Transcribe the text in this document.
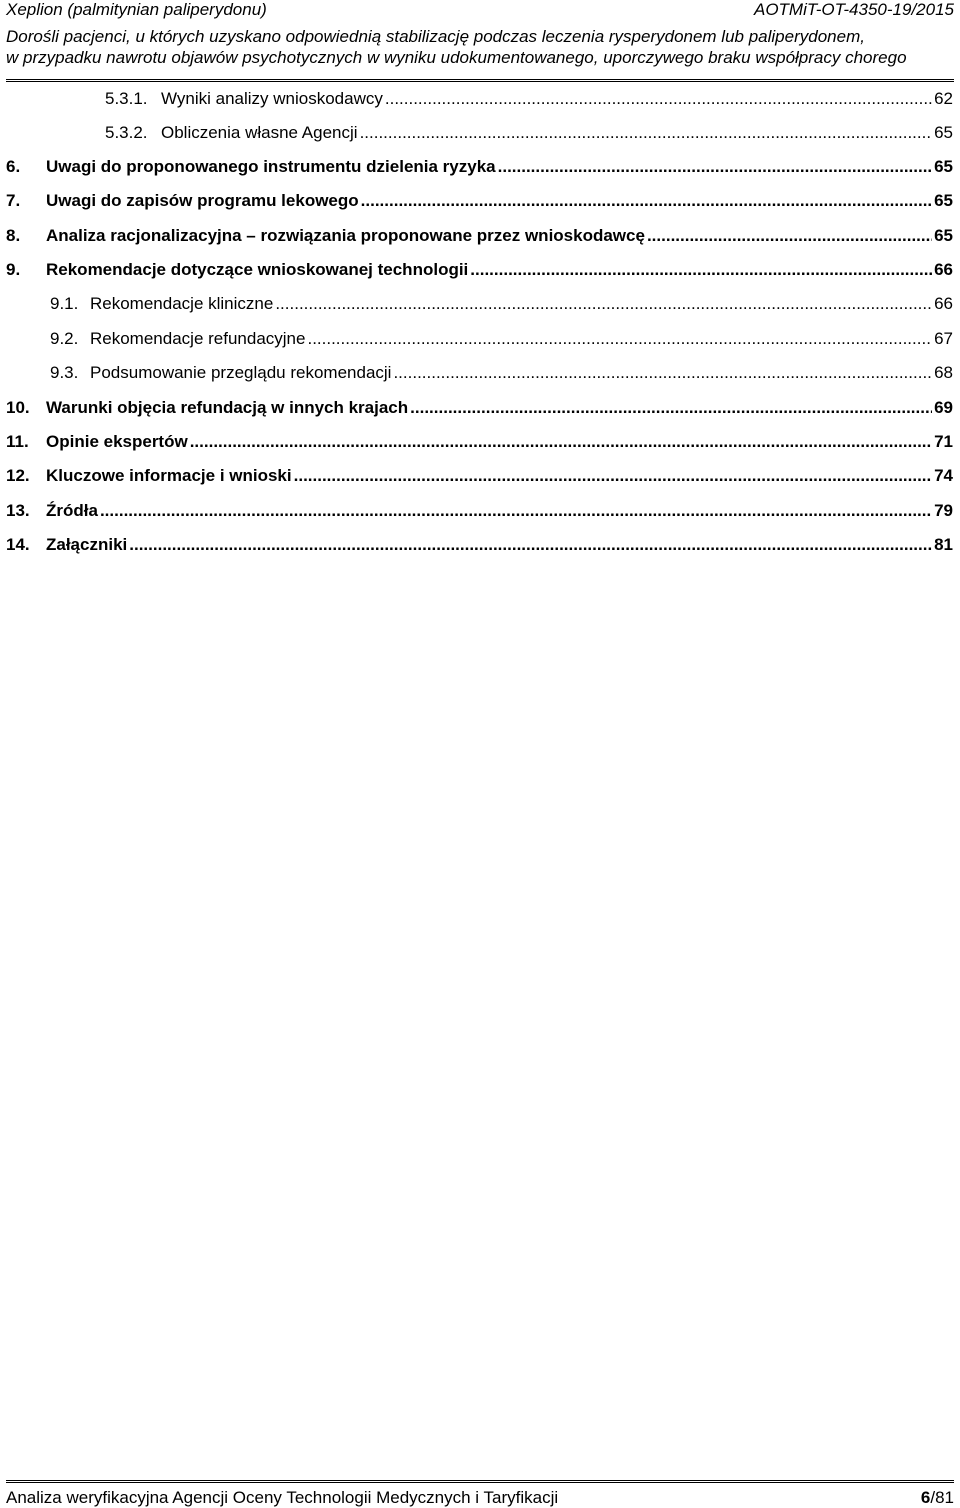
Xeplion (palmitynian paliperydonu)	AOTMiT-OT-4350-19/2015
Dorośli pacjenci, u których uzyskano odpowiednią stabilizację podczas leczenia rysperydonem lub paliperydonem,
w przypadku nawrotu objawów psychotycznych w wyniku udokumentowanego, uporczywego braku współpracy chorego
5.3.1. Wyniki analizy wnioskodawcy .....	62
5.3.2. Obliczenia własne Agencji .....	65
6.	Uwagi do proponowanego instrumentu dzielenia ryzyka .....	65
7.	Uwagi do zapisów programu lekowego .....	65
8.	Analiza racjonalizacyjna – rozwiązania proponowane przez wnioskodawcę .....	65
9.	Rekomendacje dotyczące wnioskowanej technologii .....	66
9.1. Rekomendacje kliniczne .....	66
9.2. Rekomendacje refundacyjne .....	67
9.3. Podsumowanie przeglądu rekomendacji .....	68
10. Warunki objęcia refundacją w innych krajach .....	69
11.	Opinie ekspertów .....	71
12. Kluczowe informacje i wnioski .....	74
13. Źródła .....	79
14. Załączniki .....	81
Analiza weryfikacyjna Agencji Oceny Technologii Medycznych i Taryfikacji	6/81
